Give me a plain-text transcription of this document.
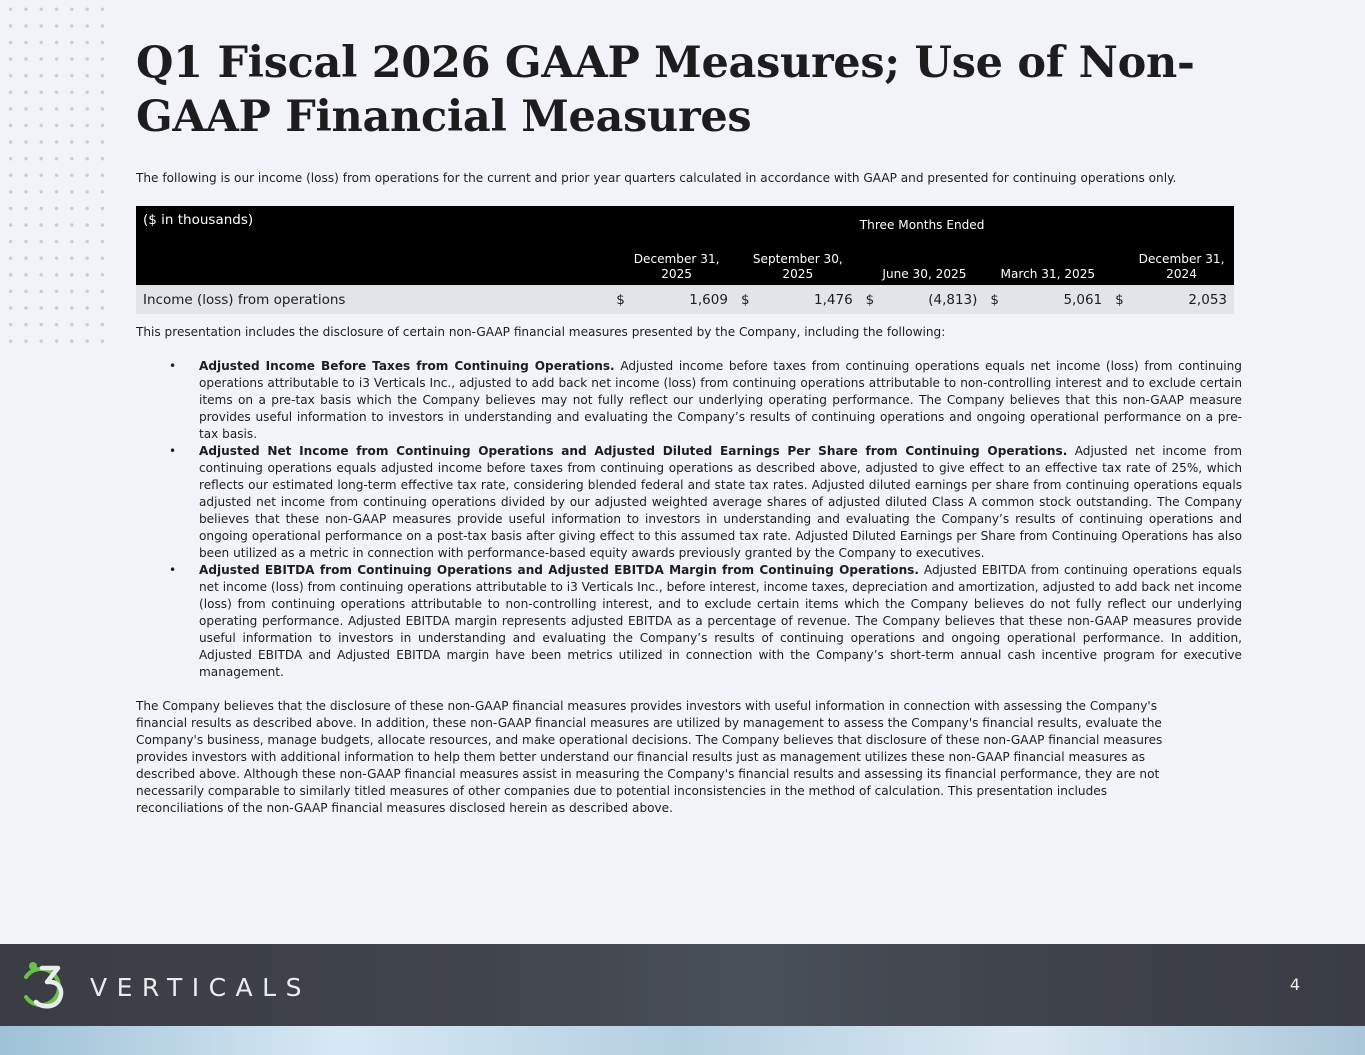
Q1 Fiscal 2026 GAAP Measures; Use of Non-GAAP Financial Measures

The following is our income (loss) from operations for the current and prior year quarters calculated in accordance with GAAP and presented for continuing operations only.

($ in thousands)	Three Months Ended									
	December 31, 2025		September 30, 2025		June 30, 2025		March 31, 2025		December 31, 2024	
Income (loss) from operations	$	1,609	$	1,476	$	(4,813)	$	5,061	$	2,053

This presentation includes the disclosure of certain non-GAAP financial measures presented by the Company, including the following:

• Adjusted Income Before Taxes from Continuing Operations. Adjusted income before taxes from continuing operations equals net income (loss) from continuing operations attributable to i3 Verticals Inc., adjusted to add back net income (loss) from continuing operations attributable to non-controlling interest and to exclude certain items on a pre-tax basis which the Company believes may not fully reflect our underlying operating performance. The Company believes that this non-GAAP measure provides useful information to investors in understanding and evaluating the Company’s results of continuing operations and ongoing operational performance on a pre-tax basis.
• Adjusted Net Income from Continuing Operations and Adjusted Diluted Earnings Per Share from Continuing Operations. Adjusted net income from continuing operations equals adjusted income before taxes from continuing operations as described above, adjusted to give effect to an effective tax rate of 25%, which reflects our estimated long-term effective tax rate, considering blended federal and state tax rates. Adjusted diluted earnings per share from continuing operations equals adjusted net income from continuing operations divided by our adjusted weighted average shares of adjusted diluted Class A common stock outstanding. The Company believes that these non-GAAP measures provide useful information to investors in understanding and evaluating the Company’s results of continuing operations and ongoing operational performance on a post-tax basis after giving effect to this assumed tax rate. Adjusted Diluted Earnings per Share from Continuing Operations has also been utilized as a metric in connection with performance-based equity awards previously granted by the Company to executives.
• Adjusted EBITDA from Continuing Operations and Adjusted EBITDA Margin from Continuing Operations. Adjusted EBITDA from continuing operations equals net income (loss) from continuing operations attributable to i3 Verticals Inc., before interest, income taxes, depreciation and amortization, adjusted to add back net income (loss) from continuing operations attributable to non-controlling interest, and to exclude certain items which the Company believes do not fully reflect our underlying operating performance. Adjusted EBITDA margin represents adjusted EBITDA as a percentage of revenue. The Company believes that these non-GAAP measures provide useful information to investors in understanding and evaluating the Company’s results of continuing operations and ongoing operational performance. In addition, Adjusted EBITDA and Adjusted EBITDA margin have been metrics utilized in connection with the Company’s short-term annual cash incentive program for executive management.

The Company believes that the disclosure of these non-GAAP financial measures provides investors with useful information in connection with assessing the Company's financial results as described above. In addition, these non-GAAP financial measures are utilized by management to assess the Company's financial results, evaluate the Company's business, manage budgets, allocate resources, and make operational decisions. The Company believes that disclosure of these non-GAAP financial measures provides investors with additional information to help them better understand our financial results just as management utilizes these non-GAAP financial measures as described above. Although these non-GAAP financial measures assist in measuring the Company's financial results and assessing its financial performance, they are not necessarily comparable to similarly titled measures of other companies due to potential inconsistencies in the method of calculation. This presentation includes reconciliations of the non-GAAP financial measures disclosed herein as described above.

VERTICALS	4
